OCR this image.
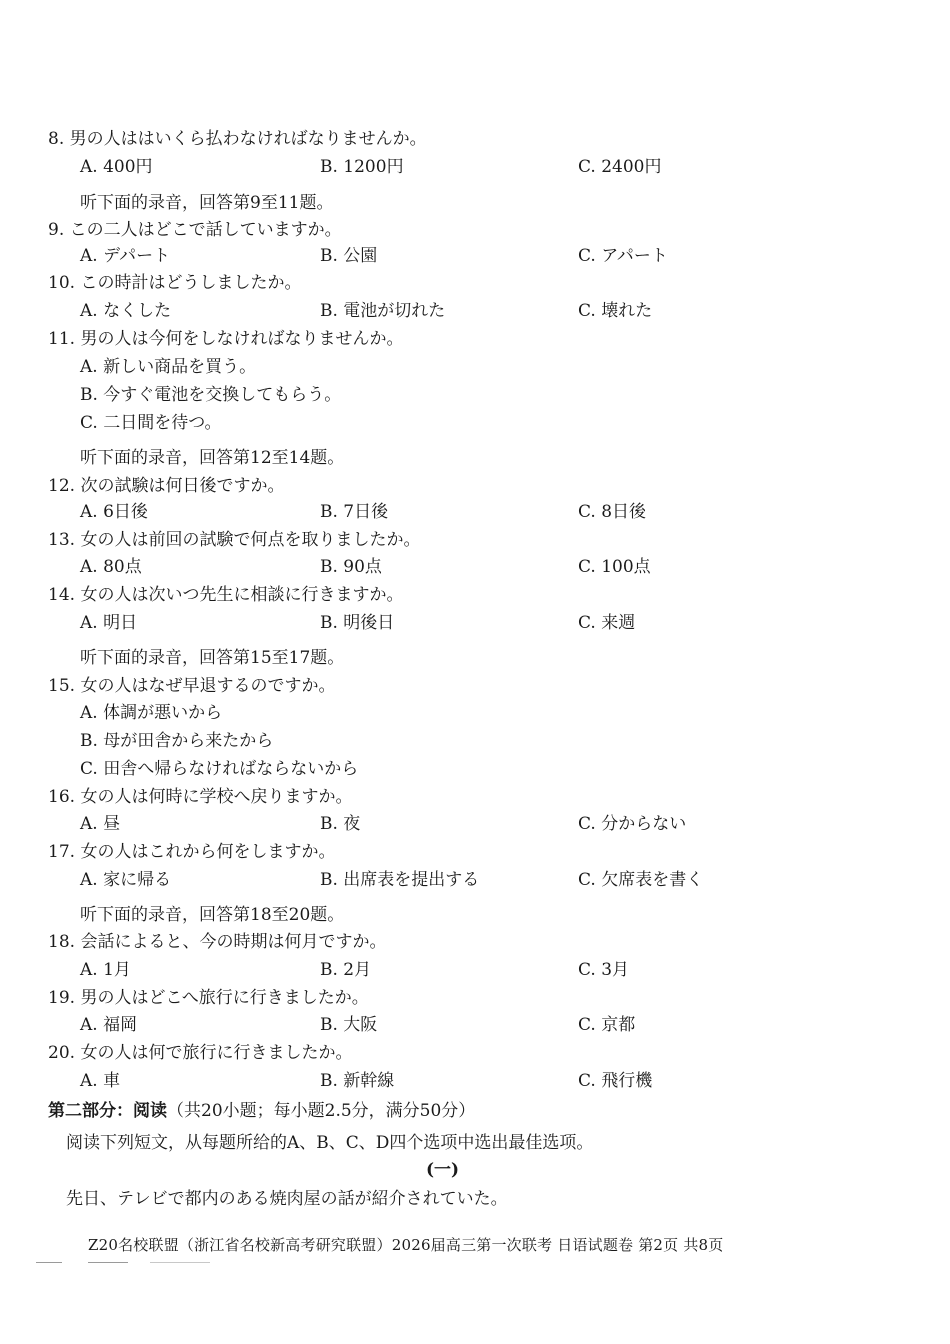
8. 男の人ははいくら払わなければなりませんか。
A. 400円	B. 1200円	C. 2400円
听下面的录音，回答第9至11题。
9. この二人はどこで話していますか。
A. デパート	B. 公園	C. アパート
10. この時計はどうしましたか。
A. なくした	B. 電池が切れた	C. 壊れた
11. 男の人は今何をしなければなりませんか。
A. 新しい商品を買う。
B. 今すぐ電池を交換してもらう。
C. 二日間を待つ。
听下面的录音，回答第12至14题。
12. 次の試験は何日後ですか。
A. 6日後	B. 7日後	C. 8日後
13. 女の人は前回の試験で何点を取りましたか。
A. 80点	B. 90点	C. 100点
14. 女の人は次いつ先生に相談に行きますか。
A. 明日	B. 明後日	C. 来週
听下面的录音，回答第15至17题。
15. 女の人はなぜ早退するのですか。
A. 体調が悪いから
B. 母が田舎から来たから
C. 田舎へ帰らなければならないから
16. 女の人は何時に学校へ戻りますか。
A. 昼	B. 夜	C. 分からない
17. 女の人はこれから何をしますか。
A. 家に帰る	B. 出席表を提出する	C. 欠席表を書く
听下面的录音，回答第18至20题。
18. 会話によると、今の時期は何月ですか。
A. 1月	B. 2月	C. 3月
19. 男の人はどこへ旅行に行きましたか。
A. 福岡	B. 大阪	C. 京都
20. 女の人は何で旅行に行きましたか。
A. 車	B. 新幹線	C. 飛行機
第二部分：阅读（共20小题；每小题2.5分，满分50分）
阅读下列短文，从每题所给的A、B、C、D四个选项中选出最佳选项。
(一)
先日、テレビで都内のある焼肉屋の話が紹介されていた。
Z20名校联盟（浙江省名校新高考研究联盟）2026届高三第一次联考 日语试题卷 第2页 共8页
